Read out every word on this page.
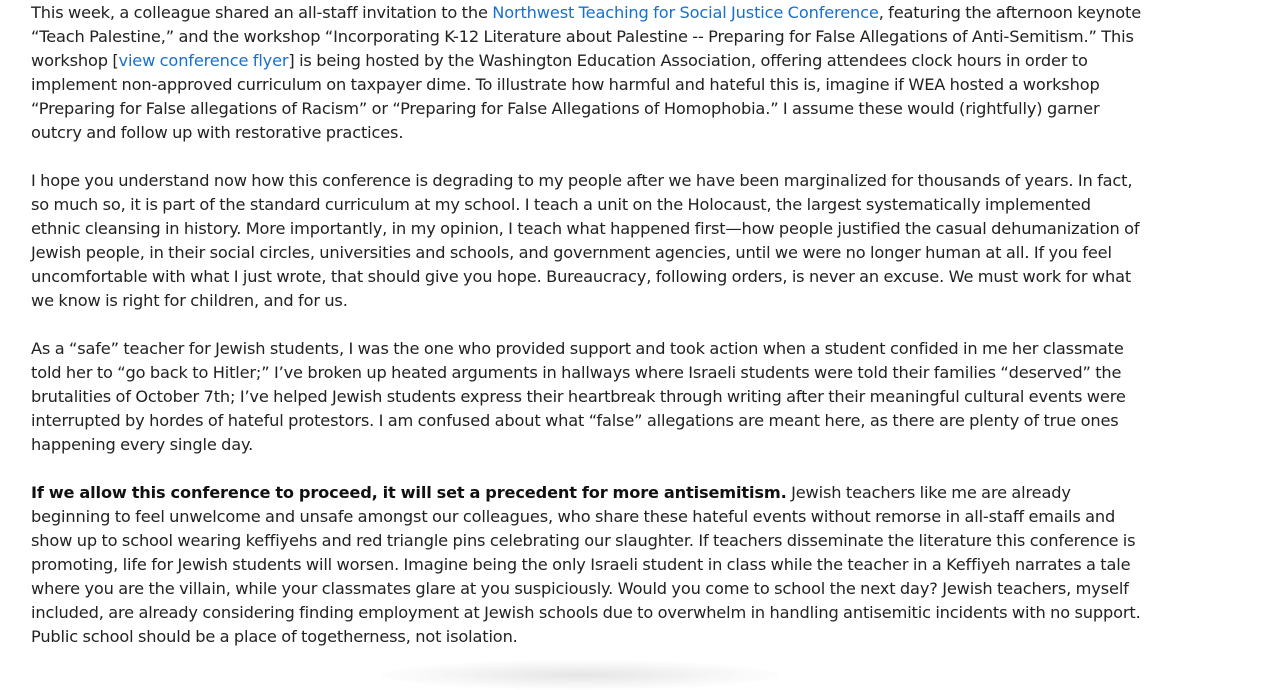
This week, a colleague shared an all-staff invitation to the Northwest Teaching for Social Justice Conference, featuring the afternoon keynote “Teach Palestine,” and the workshop “Incorporating K-12 Literature about Palestine -- Preparing for False Allegations of Anti-Semitism.” This workshop [view conference flyer] is being hosted by the Washington Education Association, offering attendees clock hours in order to implement non-approved curriculum on taxpayer dime. To illustrate how harmful and hateful this is, imagine if WEA hosted a workshop “Preparing for False allegations of Racism” or “Preparing for False Allegations of Homophobia.” I assume these would (rightfully) garner outcry and follow up with restorative practices.

I hope you understand now how this conference is degrading to my people after we have been marginalized for thousands of years. In fact, so much so, it is part of the standard curriculum at my school. I teach a unit on the Holocaust, the largest systematically implemented ethnic cleansing in history. More importantly, in my opinion, I teach what happened first—how people justified the casual dehumanization of Jewish people, in their social circles, universities and schools, and government agencies, until we were no longer human at all. If you feel uncomfortable with what I just wrote, that should give you hope. Bureaucracy, following orders, is never an excuse. We must work for what we know is right for children, and for us.

As a “safe” teacher for Jewish students, I was the one who provided support and took action when a student confided in me her classmate told her to “go back to Hitler;” I’ve broken up heated arguments in hallways where Israeli students were told their families “deserved” the brutalities of October 7th; I’ve helped Jewish students express their heartbreak through writing after their meaningful cultural events were interrupted by hordes of hateful protestors. I am confused about what “false” allegations are meant here, as there are plenty of true ones happening every single day.

If we allow this conference to proceed, it will set a precedent for more antisemitism. Jewish teachers like me are already beginning to feel unwelcome and unsafe amongst our colleagues, who share these hateful events without remorse in all-staff emails and show up to school wearing keffiyehs and red triangle pins celebrating our slaughter. If teachers disseminate the literature this conference is promoting, life for Jewish students will worsen. Imagine being the only Israeli student in class while the teacher in a Keffiyeh narrates a tale where you are the villain, while your classmates glare at you suspiciously. Would you come to school the next day? Jewish teachers, myself included, are already considering finding employment at Jewish schools due to overwhelm in handling antisemitic incidents with no support. Public school should be a place of togetherness, not isolation.
